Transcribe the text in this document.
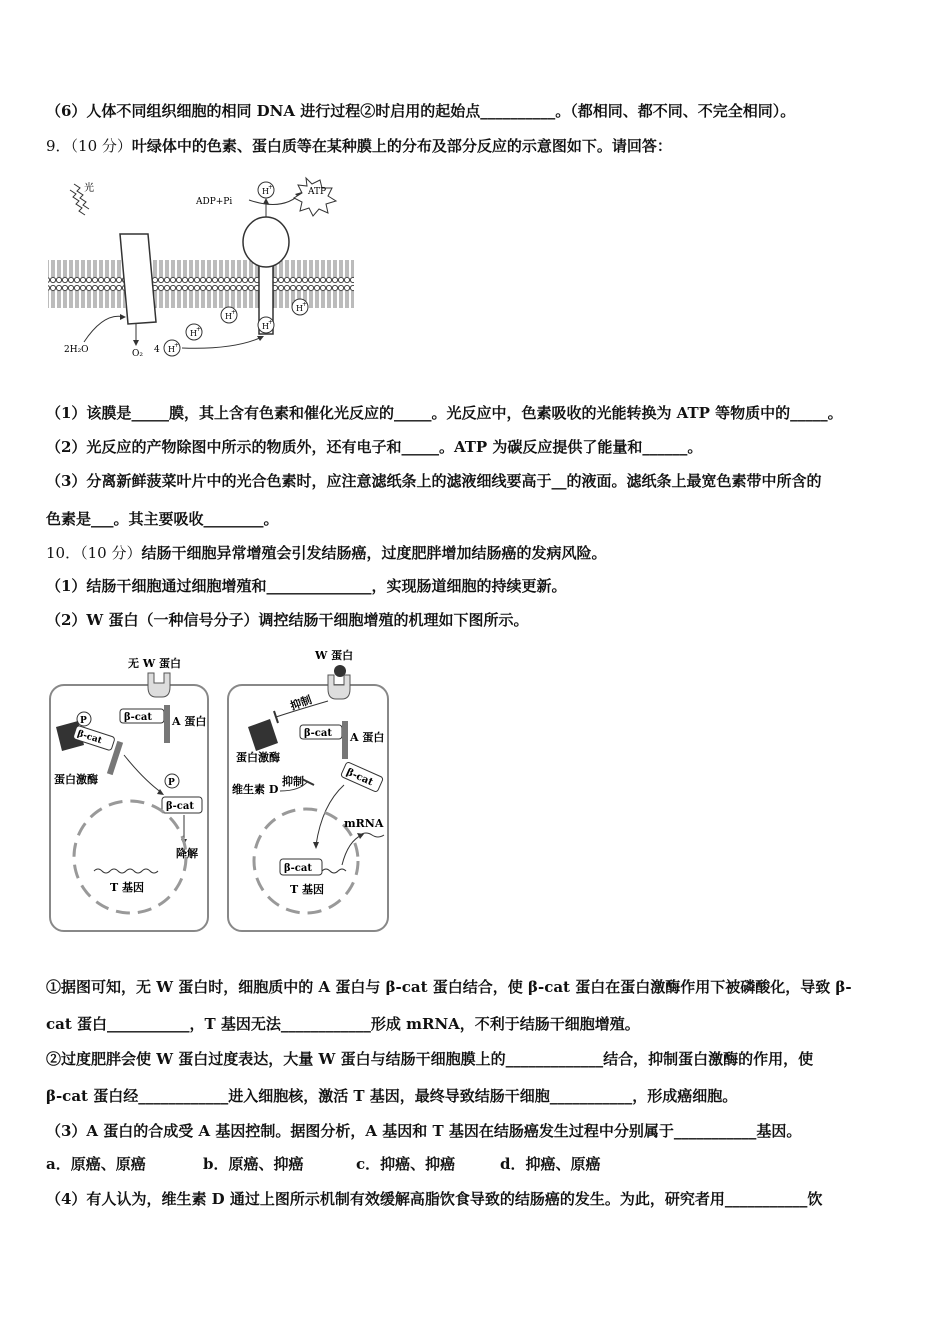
（6）人体不同组织细胞的相同 DNA 进行过程②时启用的起始点__________。（都相同、都不同、不完全相同）。
9．（10 分）叶绿体中的色素、蛋白质等在某种膜上的分布及部分反应的示意图如下。请回答：
光
ADP+Pi
ATP
H +
H +
H +
H +
H +
H +
4
2H₂O	O₂
（1）该膜是_____膜，其上含有色素和催化光反应的_____。光反应中，色素吸收的光能转换为 ATP 等物质中的_____。
（2）光反应的产物除图中所示的物质外，还有电子和_____。ATP 为碳反应提供了能量和______。
（3）分离新鲜菠菜叶片中的光合色素时，应注意滤纸条上的滤液细线要高于__的液面。滤纸条上最宽色素带中所含的
色素是___。其主要吸收________。
10．（10 分）结肠干细胞异常增殖会引发结肠癌，过度肥胖增加结肠癌的发病风险。
（1）结肠干细胞通过细胞增殖和______________，实现肠道细胞的持续更新。
（2）W 蛋白（一种信号分子）调控结肠干细胞增殖的机理如下图所示。
无 W 蛋白
β-cat A 蛋白
P
β-cat
蛋白激酶	P
β-cat
降解
T 基因
W 蛋白
抑制
蛋白激酶
β-cat A 蛋白
维生素 D
抑制	β-cat
β-cat
T 基因
mRNA
①据图可知，无 W 蛋白时，细胞质中的 A 蛋白与 β-cat 蛋白结合，使 β-cat 蛋白在蛋白激酶作用下被磷酸化，导致 β-
cat 蛋白___________，T 基因无法____________形成 mRNA，不利于结肠干细胞增殖。
②过度肥胖会使 W 蛋白过度表达，大量 W 蛋白与结肠干细胞膜上的_____________结合，抑制蛋白激酶的作用，使
β-cat 蛋白经____________进入细胞核，激活 T 基因，最终导致结肠干细胞___________，形成癌细胞。
（3）A 蛋白的合成受 A 基因控制。据图分析，A 基因和 T 基因在结肠癌发生过程中分别属于___________基因。
a．原癌、原癌	b．原癌、抑癌	c．抑癌、抑癌	d．抑癌、原癌
（4）有人认为，维生素 D 通过上图所示机制有效缓解高脂饮食导致的结肠癌的发生。为此，研究者用___________饮
